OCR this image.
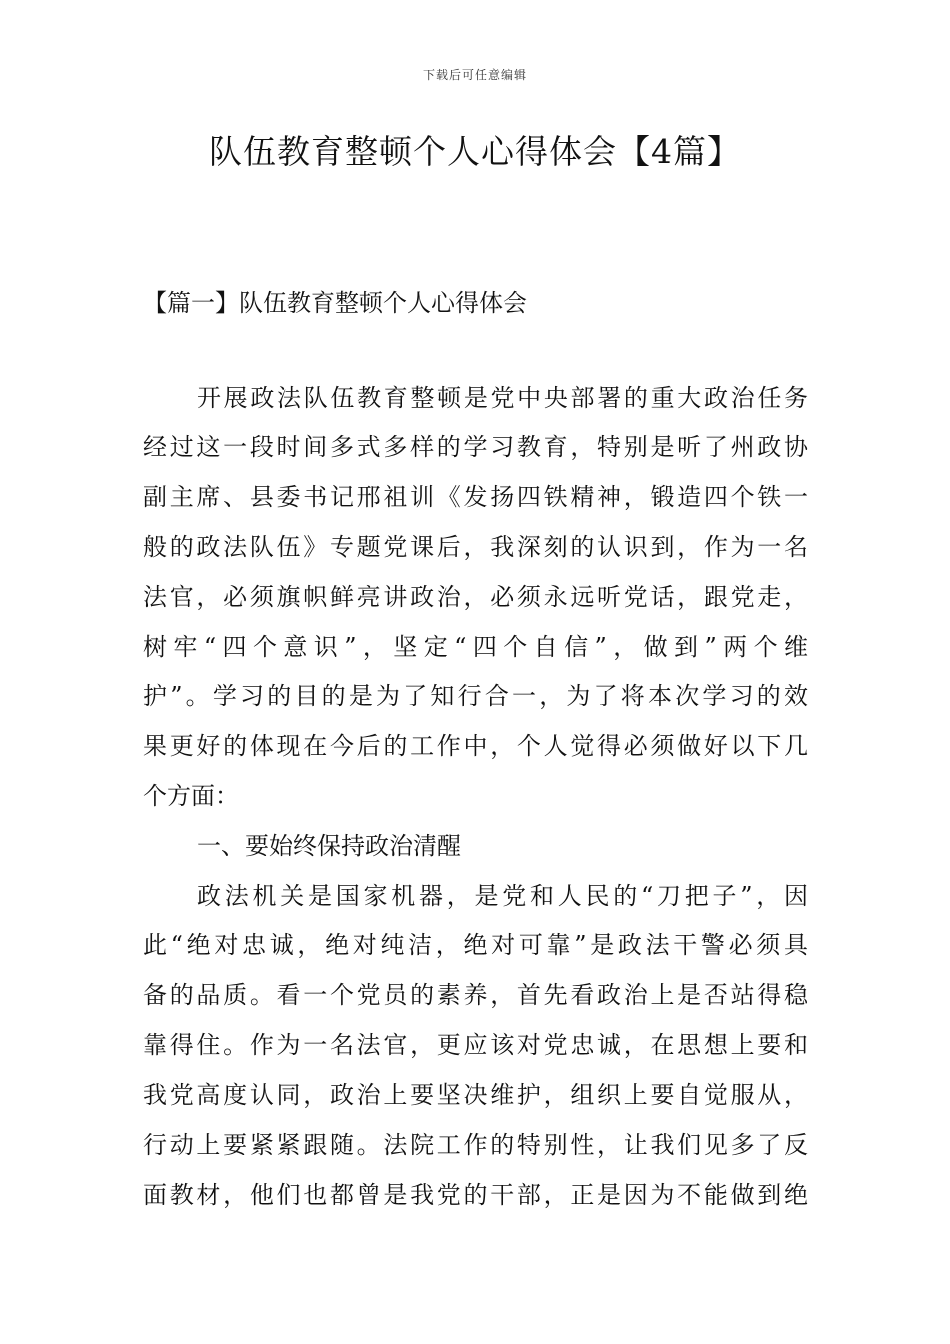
下载后可任意编辑
队伍教育整顿个人心得体会【4篇】
【篇一】队伍教育整顿个人心得体会
开展政法队伍教育整顿是党中央部署的重大政治任务
经过这一段时间多式多样的学习教育，特别是听了州政协
副主席、县委书记邢祖训《发扬四铁精神，锻造四个铁一
般的政法队伍》专题党课后，我深刻的认识到，作为一名
法官，必须旗帜鲜亮讲政治，必须永远听党话，跟党走，
树牢“四个意识”，坚定“四个自信”，做到”两个维
护”。学习的目的是为了知行合一，为了将本次学习的效
果更好的体现在今后的工作中，个人觉得必须做好以下几
个方面：
一、要始终保持政治清醒
政法机关是国家机器，是党和人民的“刀把子”，因
此“绝对忠诚，绝对纯洁，绝对可靠”是政法干警必须具
备的品质。看一个党员的素养，首先看政治上是否站得稳
靠得住。作为一名法官，更应该对党忠诚，在思想上要和
我党高度认同，政治上要坚决维护，组织上要自觉服从，
行动上要紧紧跟随。法院工作的特别性，让我们见多了反
面教材，他们也都曾是我党的干部，正是因为不能做到绝
